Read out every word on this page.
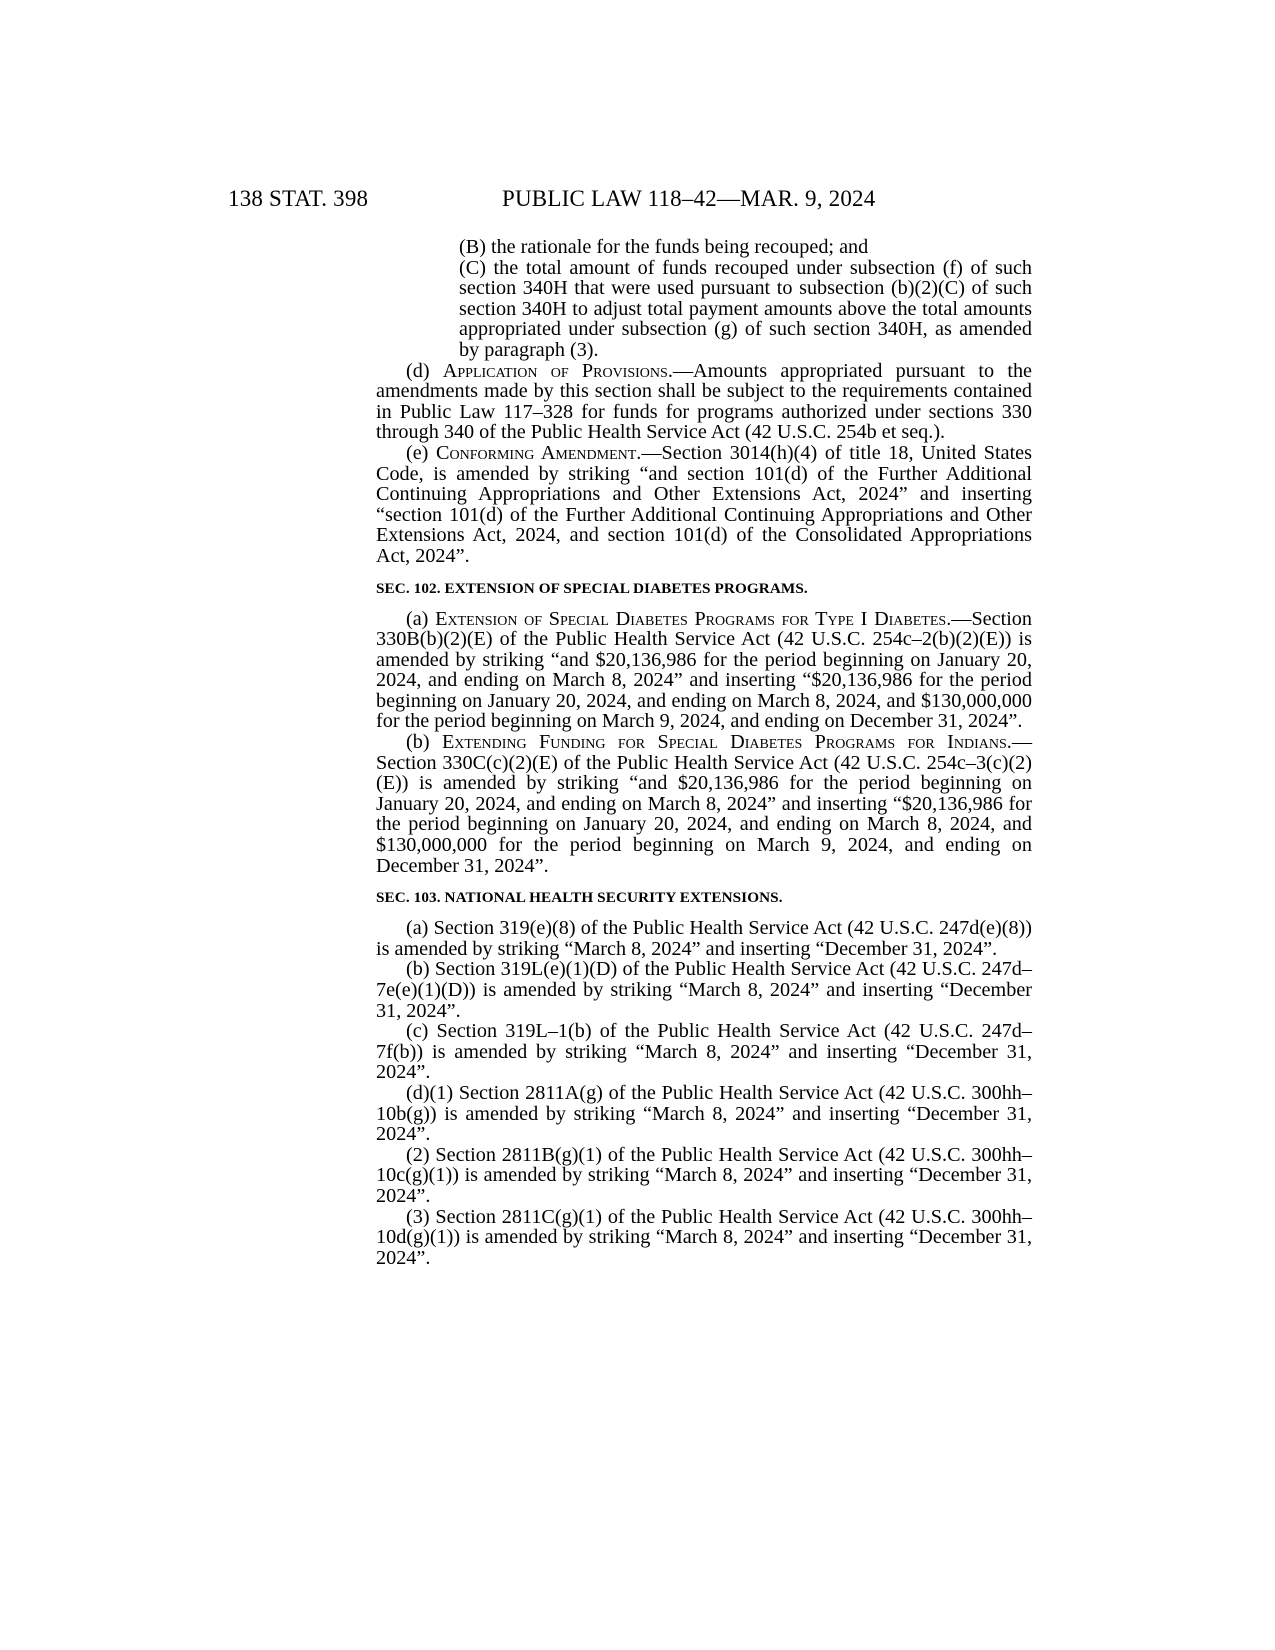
138 STAT. 398	PUBLIC LAW 118–42—MAR. 9, 2024

(B) the rationale for the funds being recouped; and

(C) the total amount of funds recouped under subsection (f) of such section 340H that were used pursuant to subsection (b)(2)(C) of such section 340H to adjust total payment amounts above the total amounts appropriated under subsection (g) of such section 340H, as amended by paragraph (3).

(d) Application of Provisions.—Amounts appropriated pursuant to the amendments made by this section shall be subject to the requirements contained in Public Law 117–328 for funds for programs authorized under sections 330 through 340 of the Public Health Service Act (42 U.S.C. 254b et seq.).

(e) Conforming Amendment.—Section 3014(h)(4) of title 18, United States Code, is amended by striking “and section 101(d) of the Further Additional Continuing Appropriations and Other Extensions Act, 2024” and inserting “section 101(d) of the Further Additional Continuing Appropriations and Other Extensions Act, 2024, and section 101(d) of the Consolidated Appropriations Act, 2024”.

SEC. 102. EXTENSION OF SPECIAL DIABETES PROGRAMS.

(a) Extension of Special Diabetes Programs for Type I Diabetes.—Section 330B(b)(2)(E) of the Public Health Service Act (42 U.S.C. 254c–2(b)(2)(E)) is amended by striking “and $20,136,986 for the period beginning on January 20, 2024, and ending on March 8, 2024” and inserting “$20,136,986 for the period beginning on January 20, 2024, and ending on March 8, 2024, and $130,000,000 for the period beginning on March 9, 2024, and ending on December 31, 2024”.

(b) Extending Funding for Special Diabetes Programs for Indians.—Section 330C(c)(2)(E) of the Public Health Service Act (42 U.S.C. 254c–3(c)(2)(E)) is amended by striking “and $20,136,986 for the period beginning on January 20, 2024, and ending on March 8, 2024” and inserting “$20,136,986 for the period beginning on January 20, 2024, and ending on March 8, 2024, and $130,000,000 for the period beginning on March 9, 2024, and ending on December 31, 2024”.

SEC. 103. NATIONAL HEALTH SECURITY EXTENSIONS.

(a) Section 319(e)(8) of the Public Health Service Act (42 U.S.C. 247d(e)(8)) is amended by striking “March 8, 2024” and inserting “December 31, 2024”.

(b) Section 319L(e)(1)(D) of the Public Health Service Act (42 U.S.C. 247d–7e(e)(1)(D)) is amended by striking “March 8, 2024” and inserting “December 31, 2024”.

(c) Section 319L–1(b) of the Public Health Service Act (42 U.S.C. 247d–7f(b)) is amended by striking “March 8, 2024” and inserting “December 31, 2024”.

(d)(1) Section 2811A(g) of the Public Health Service Act (42 U.S.C. 300hh–10b(g)) is amended by striking “March 8, 2024” and inserting “December 31, 2024”.

(2) Section 2811B(g)(1) of the Public Health Service Act (42 U.S.C. 300hh–10c(g)(1)) is amended by striking “March 8, 2024” and inserting “December 31, 2024”.

(3) Section 2811C(g)(1) of the Public Health Service Act (42 U.S.C. 300hh–10d(g)(1)) is amended by striking “March 8, 2024” and inserting “December 31, 2024”.
